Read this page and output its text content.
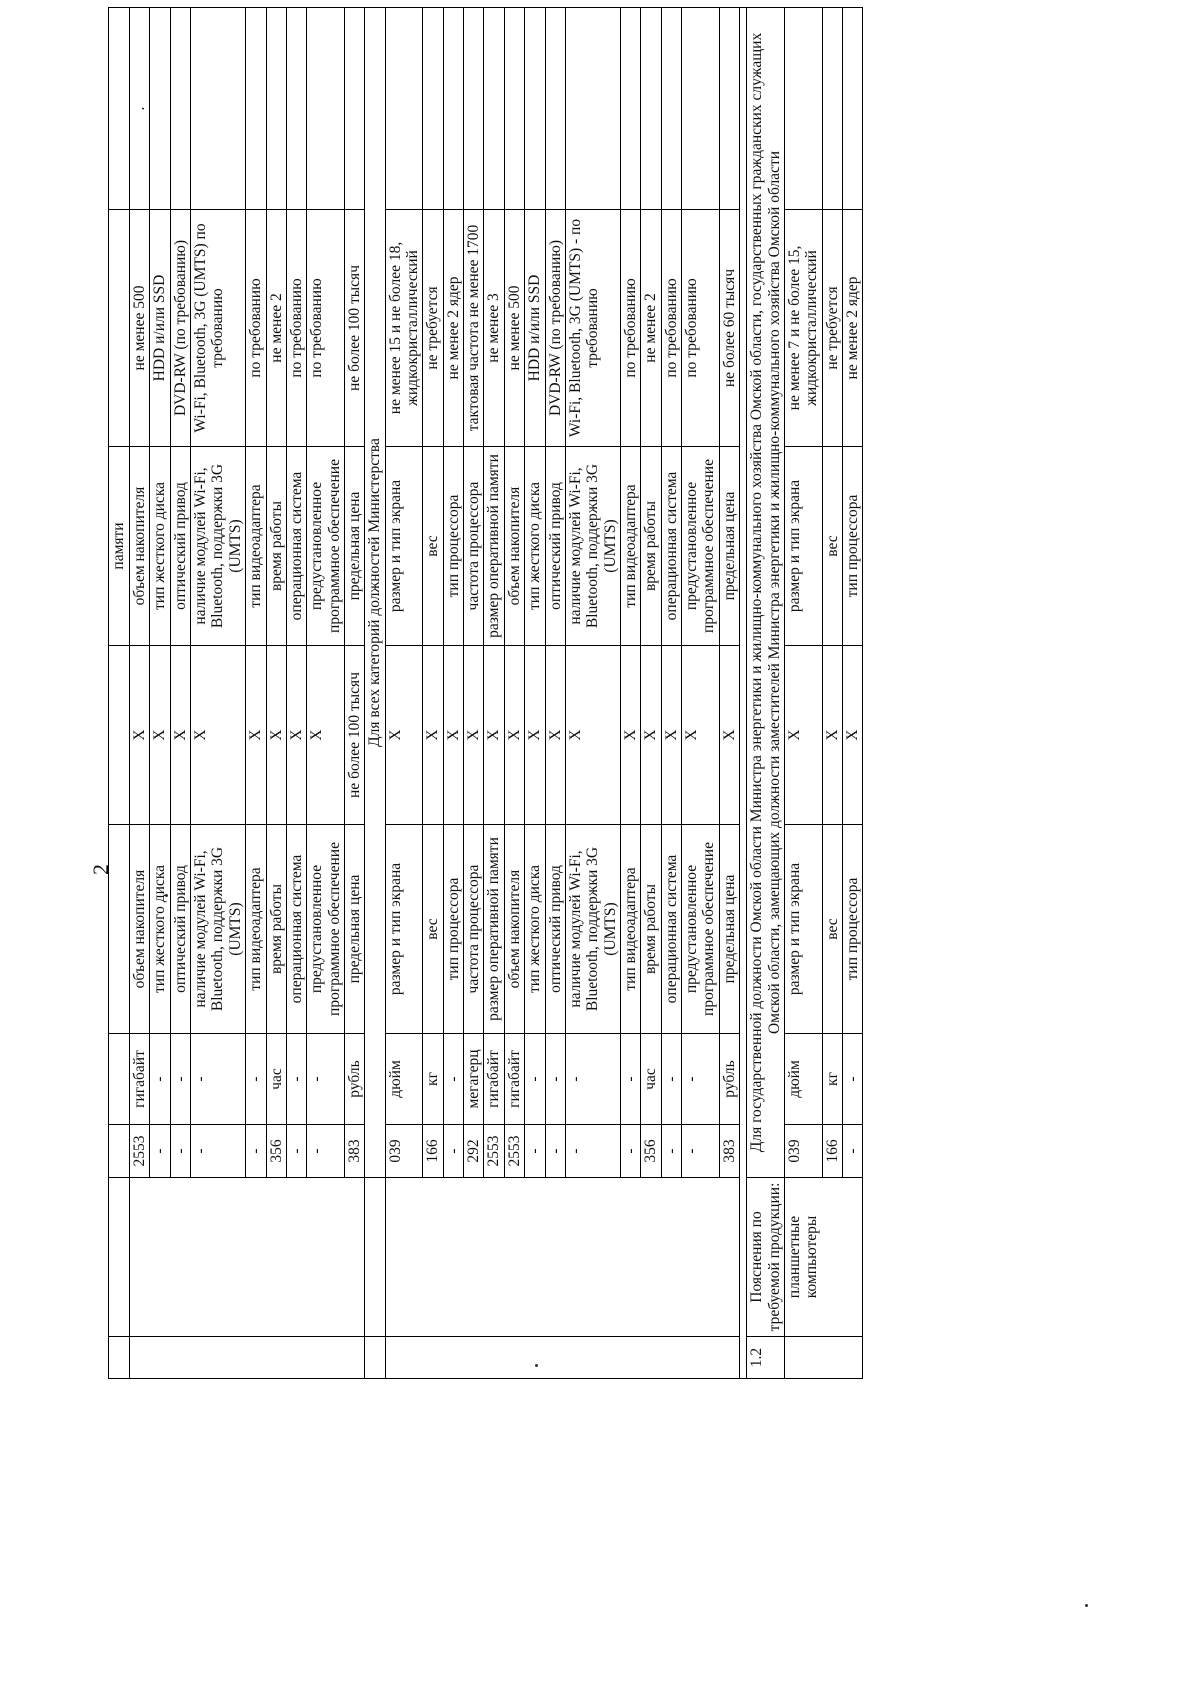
2
						памяти		
		2553	гигабайт	объем накопителя	X	объем накопителя	не менее 500	.
		-	-	тип жесткого диска	X	тип жесткого диска	HDD и/или SSD	
		-	-	оптический привод	X	оптический привод	DVD-RW (по требованию)	
		-	-	наличие модулей Wi-Fi, Bluetooth, поддержки 3G (UMTS)	X	наличие модулей Wi-Fi, Bluetooth, поддержки 3G (UMTS)	Wi-Fi, Bluetooth, 3G (UMTS) по требованию	
		-	-	тип видеоадаптера	X	тип видеоадаптера	по требованию	
		356	час	время работы	X	время работы	не менее 2	
		-	-	операционная система	X	операционная система	по требованию	
		-	-	предустановленное программное обеспечение	X	предустановленное программное обеспечение	по требованию	
		383	рубль	предельная цена	не более 100 тысяч	предельная цена	не более 100 тысяч	
		Для всех категорий должностей Министерства						
		039	дюйм	размер и тип экрана	X	размер и тип экрана	не менее 15 и не более 18, жидкокристаллический	
		166	кг	вес	X	вес	не требуется	
		-	-	тип процессора	X	тип процессора	не менее 2 ядер	
		292	мегагерц	частота процессора	X	частота процессора	тактовая частота не менее 1700	
		2553	гигабайт	размер оперативной памяти	X	размер оперативной памяти	не менее 3	
		2553	гигабайт	объем накопителя	X	объем накопителя	не менее 500	
		-	-	тип жесткого диска	X	тип жесткого диска	HDD и/или SSD	
		-	-	оптический привод	X	оптический привод	DVD-RW (по требованию)	
		-	-	наличие модулей Wi-Fi, Bluetooth, поддержки 3G (UMTS)	X	наличие модулей Wi-Fi, Bluetooth, поддержки 3G (UMTS)	Wi-Fi, Bluetooth, 3G (UMTS) - по требованию	
		-	-	тип видеоадаптера	X	тип видеоадаптера	по требованию	
		356	час	время работы	X	время работы	не менее 2	
		-	-	операционная система	X	операционная система	по требованию	
		-	-	предустановленное программное обеспечение	X	предустановленное программное обеспечение	по требованию	
		383	рубль	предельная цена	X	предельная цена	не более 60 тысяч	

1.2	Пояснения по требуемой продукции:	Для государственной должности Омской области Министра энергетики и жилищно-коммунального хозяйства Омской области, государственных гражданских служащих Омской области, замещающих должности заместителей Министра энергетики и жилищно-коммунального хозяйства Омской области						
	планшетные компьютеры	039	дюйм	размер и тип экрана	X	размер и тип экрана	не менее 7 и не более 15, жидкокристаллический	
		166	кг	вес	X	вес	не требуется	
		-	-	тип процессора	X	тип процессора	не менее 2 ядер	
